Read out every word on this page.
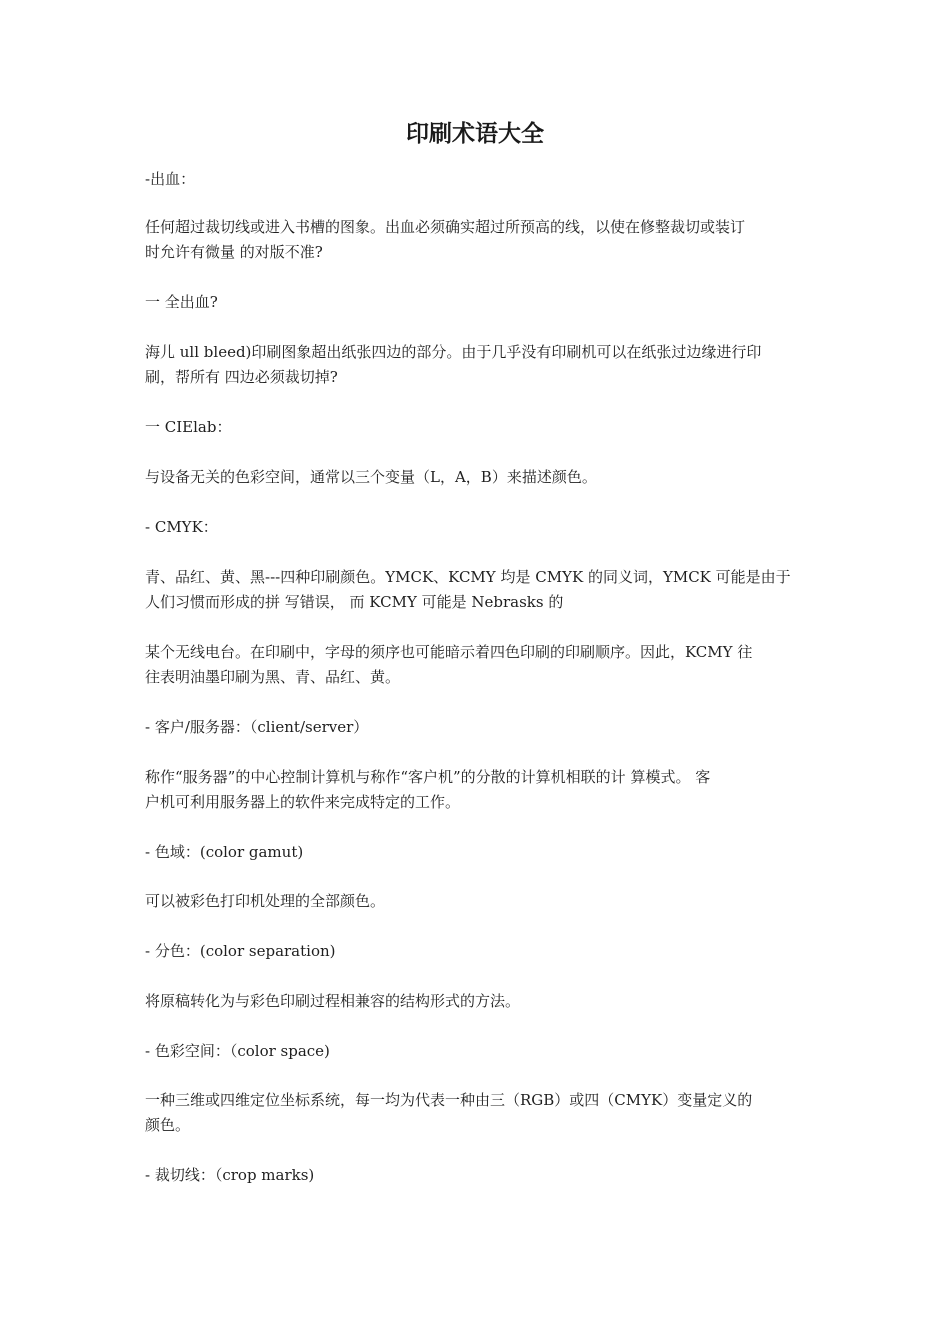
印刷术语大全

-出血：

任何超过裁切线或进入书槽的图象。出血必须确实超过所预高的线，以使在修整裁切或装订

时允许有微量 的对版不准?

一 全出血?

海儿 ull bleed)印刷图象超出纸张四边的部分。由于几乎没有印刷机可以在纸张过边缘进行印

刷，帮所有 四边必须裁切掉?

一 CIElab：

与设备无关的色彩空间，通常以三个变量（L，A，B）来描述颜色。

- CMYK：

青、品红、黄、黑---四种印刷颜色。YMCK、KCMY 均是 CMYK 的同义词，YMCK 可能是由于

人们习惯而形成的拼 写错误， 而 KCMY 可能是 Nebrasks 的

某个无线电台。在印刷中，字母的须序也可能暗示着四色印刷的印刷顺序。因此，KCMY 往

往表明油墨印刷为黑、青、品红、黄。

- 客户/服务器：（client/server）

称作“服务器”的中心控制计算机与称作“客户机”的分散的计算机相联的计 算模式。 客

户机可利用服务器上的软件来完成特定的工作。

- 色域：(color gamut)

可以被彩色打印机处理的全部颜色。

- 分色：(color separation)

将原稿转化为与彩色印刷过程相兼容的结构形式的方法。

- 色彩空间：（color space)

一种三维或四维定位坐标系统，每一均为代表一种由三（RGB）或四（CMYK）变量定义的

颜色。

- 裁切线：（crop marks)
